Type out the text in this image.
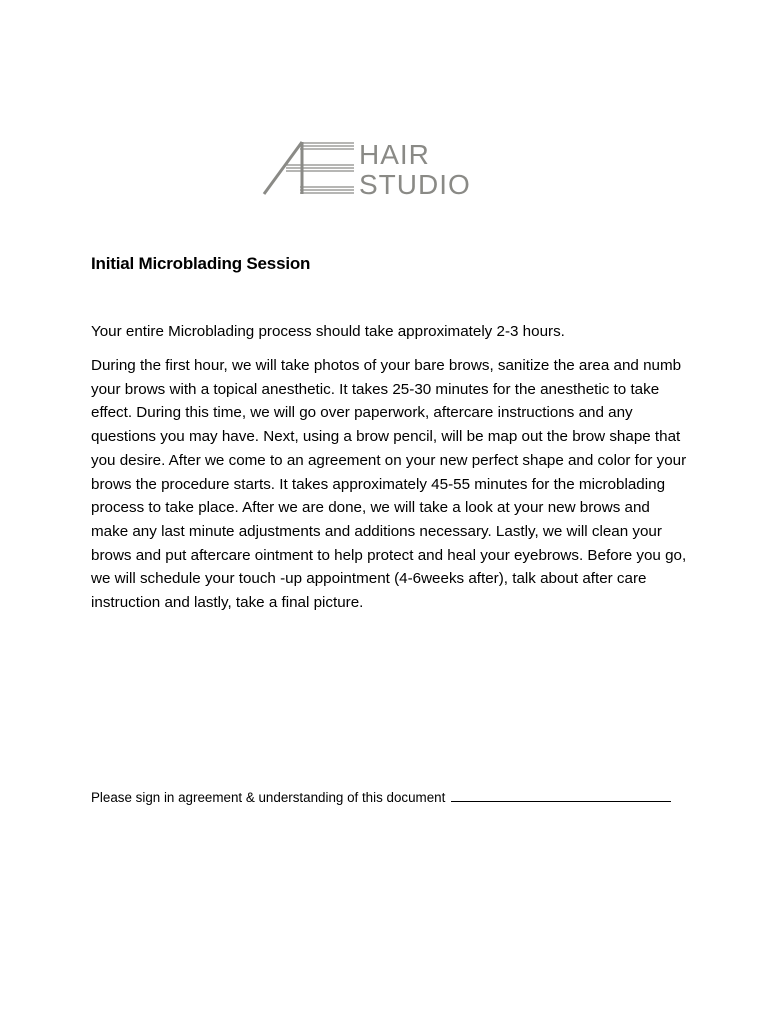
HAIR
STUDIO
Initial Microblading Session

Your entire Microblading process should take approximately 2-3 hours.

During the first hour, we will take photos of your bare brows, sanitize the area and numb your brows with a topical anesthetic. It takes 25-30 minutes for the anesthetic to take effect. During this time, we will go over paperwork, aftercare instructions and any questions you may have. Next, using a brow pencil, will be map out the brow shape that you desire. After we come to an agreement on your new perfect shape and color for your brows the procedure starts. It takes approximately 45-55 minutes for the microblading process to take place. After we are done, we will take a look at your new brows and make any last minute adjustments and additions necessary. Lastly, we will clean your brows and put aftercare ointment to help protect and heal your eyebrows. Before you go, we will schedule your touch -up appointment (4-6weeks after), talk about after care instruction and lastly, take a final picture.

Please sign in agreement & understanding of this document
